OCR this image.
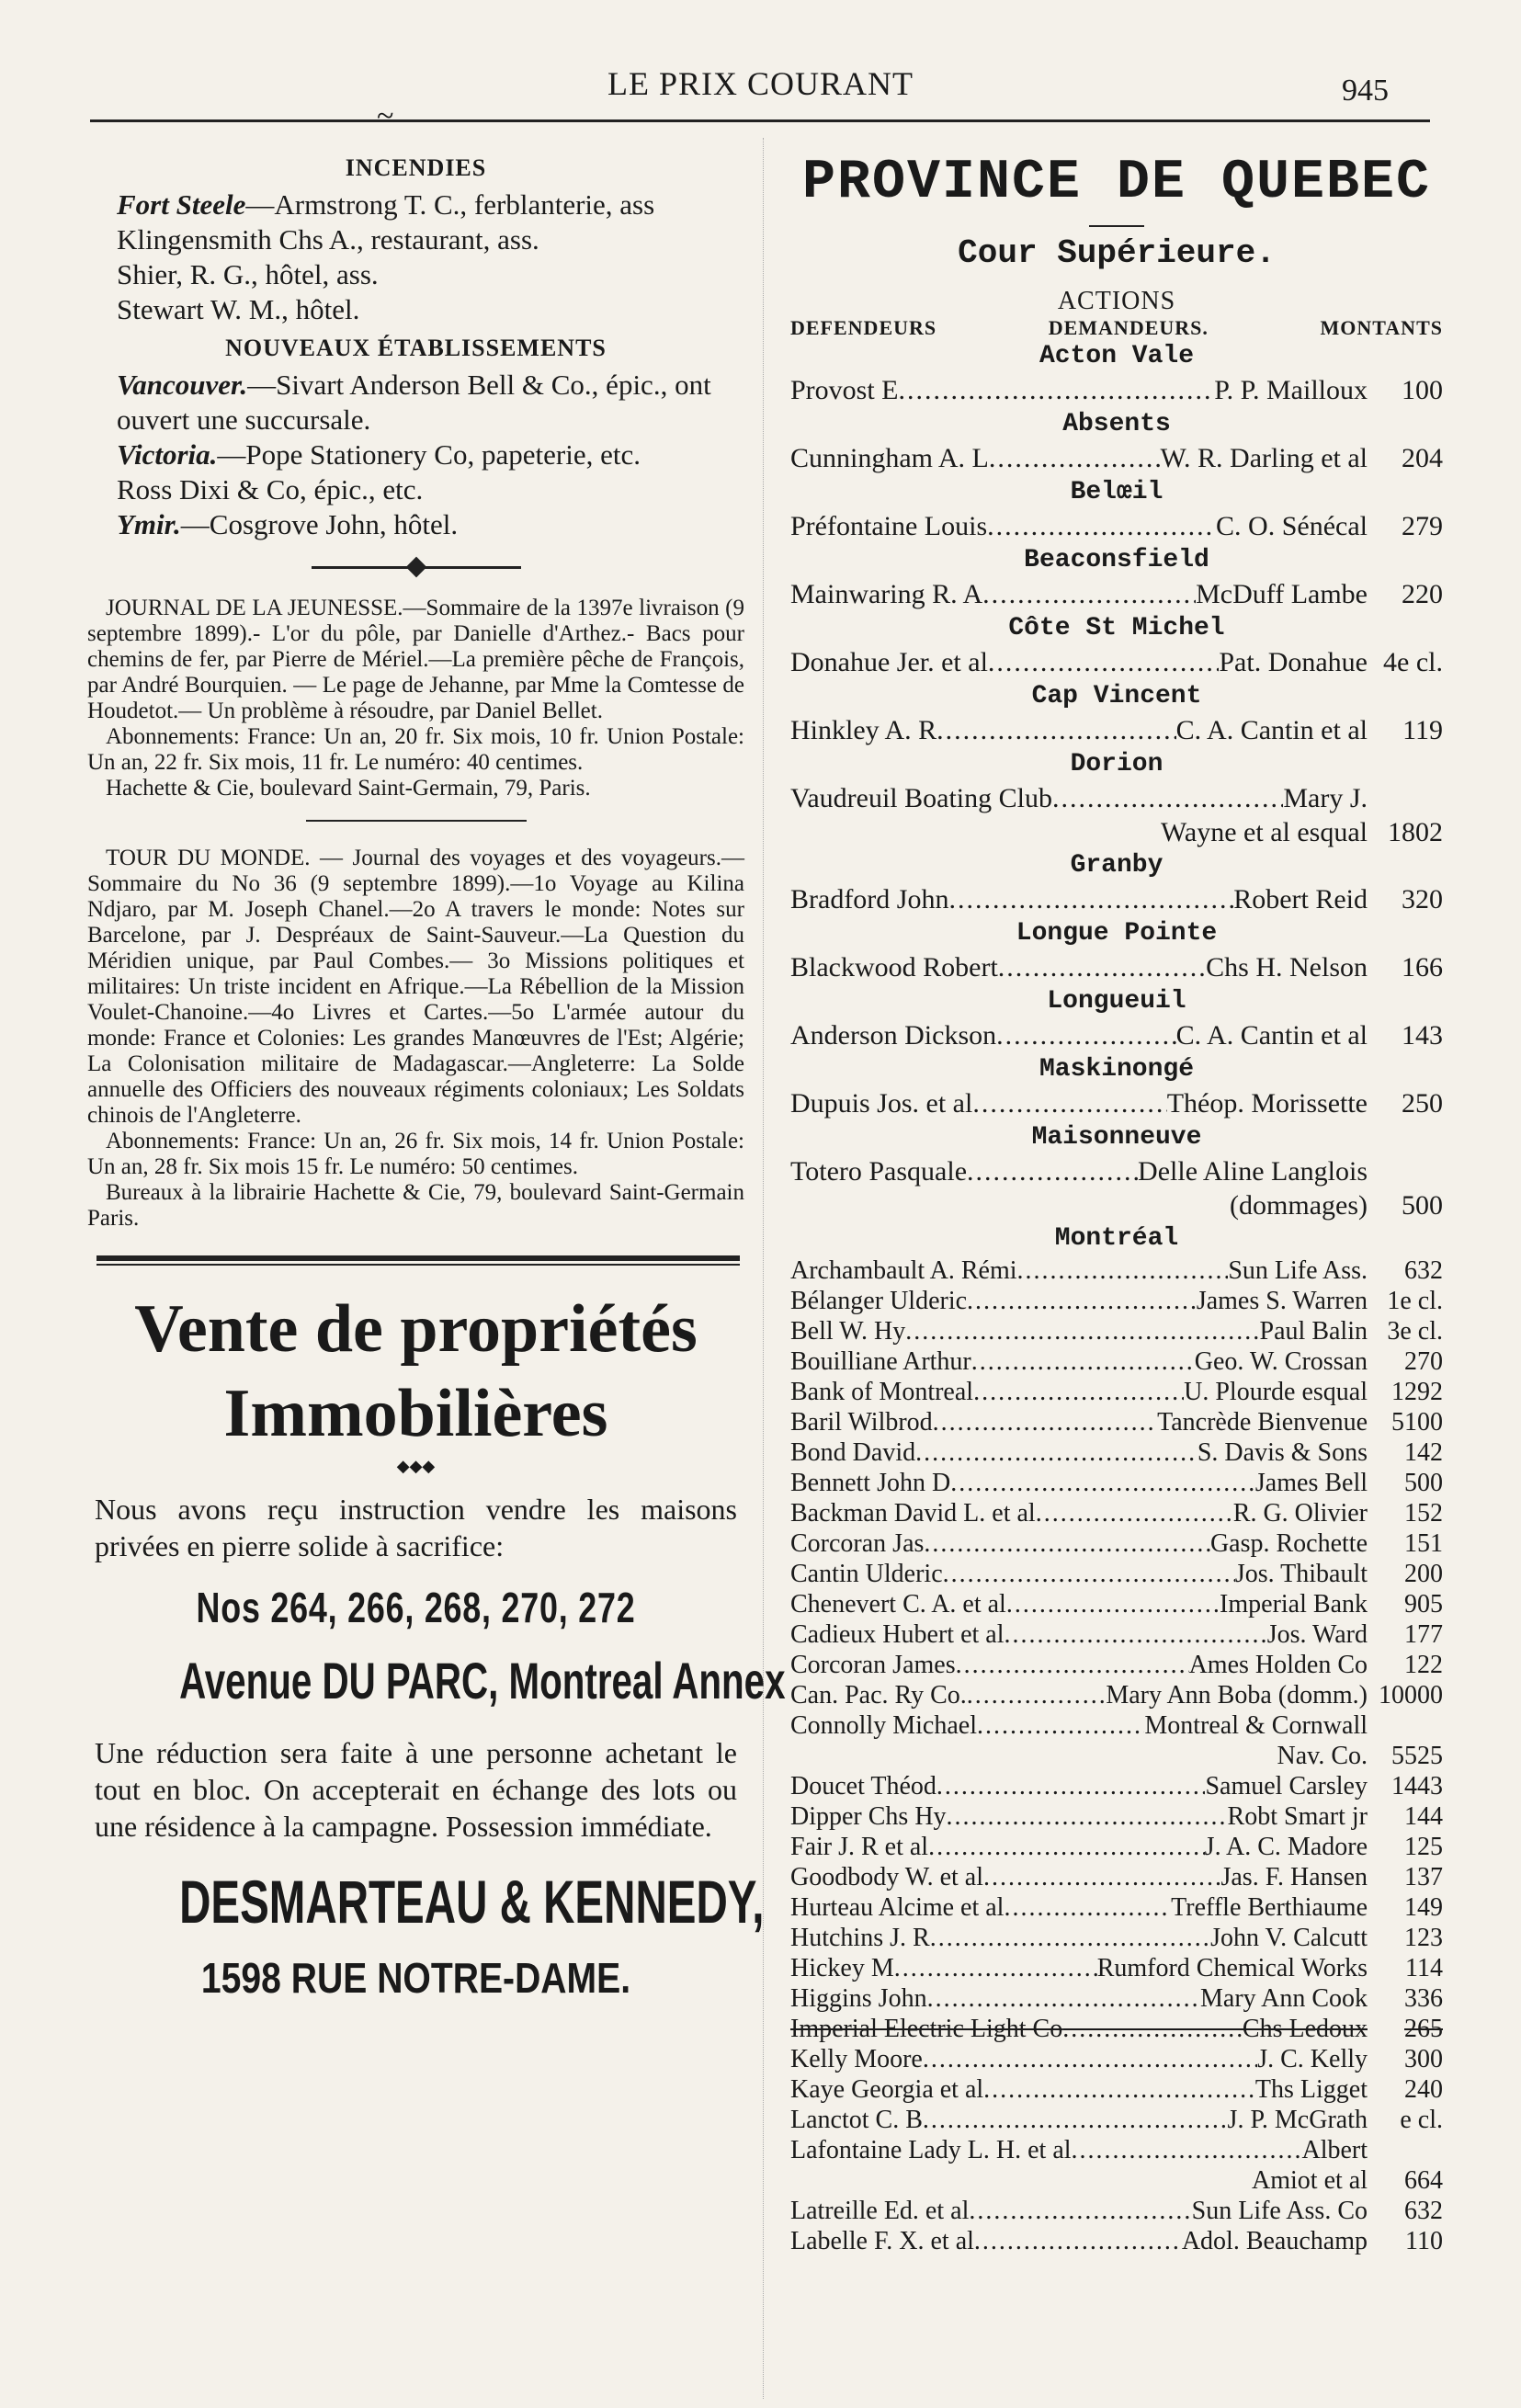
LE PRIX COURANT
~
945
INCENDIES
Fort Steele—Armstrong T. C., ferblanterie, ass
Klingensmith Chs A., restaurant, ass.
Shier, R. G., hôtel, ass.
Stewart W. M., hôtel.
NOUVEAUX ÉTABLISSEMENTS
Vancouver.—Sivart Anderson Bell & Co., épic., ont ouvert une succursale.
Victoria.—Pope Stationery Co, papeterie, etc.
Ross Dixi & Co, épic., etc.
Ymir.—Cosgrove John, hôtel.

JOURNAL DE LA JEUNESSE.—Sommaire de la 1397e livraison (9 septembre 1899).- L'or du pôle, par Danielle d'Arthez.- Bacs pour chemins de fer, par Pierre de Mériel.—La première pêche de François, par André Bourquien. — Le page de Jehanne, par Mme la Comtesse de Houdetot.— Un problème à résoudre, par Daniel Bellet.

Abonnements: France: Un an, 20 fr. Six mois, 10 fr. Union Postale: Un an, 22 fr. Six mois, 11 fr. Le numéro: 40 centimes.

Hachette & Cie, boulevard Saint-Germain, 79, Paris.

TOUR DU MONDE. — Journal des voyages et des voyageurs.—Sommaire du No 36 (9 septembre 1899).—1o Voyage au Kilina Ndjaro, par M. Joseph Chanel.—2o A travers le monde: Notes sur Barcelone, par J. Despréaux de Saint-Sauveur.—La Question du Méridien unique, par Paul Combes.— 3o Missions politiques et militaires: Un triste incident en Afrique.—La Rébellion de la Mission Voulet-Chanoine.—4o Livres et Cartes.—5o L'armée autour du monde: France et Colonies: Les grandes Manœuvres de l'Est; Algérie; La Colonisation militaire de Madagascar.—Angleterre: La Solde annuelle des Officiers des nouveaux régiments coloniaux; Les Soldats chinois de l'Angleterre.

Abonnements: France: Un an, 26 fr. Six mois, 14 fr. Union Postale: Un an, 28 fr. Six mois 15 fr. Le numéro: 50 centimes.

Bureaux à la librairie Hachette & Cie, 79, boulevard Saint-Germain Paris.

Vente de propriétés
Immobilières
◆◆◆
Nous avons reçu instruction vendre les maisons privées en pierre solide à sacrifice:
Nos 264, 266, 268, 270, 272
Avenue DU PARC, Montreal Annex
Une réduction sera faite à une personne achetant le tout en bloc. On accepterait en échange des lots ou une résidence à la campagne. Possession immédiate.
DESMARTEAU & KENNEDY,
1598 RUE NOTRE-DAME.
PROVINCE DE QUEBEC
Cour Supérieure.
ACTIONS
DEFENDEURS	DEMANDEURS.	MONTANTS
Acton Vale
Provost E .....	P. P. Mailloux	100
Absents
Cunningham A. L .....	W. R. Darling et al	204
Belœil
Préfontaine Louis .....	C. O. Sénécal	279
Beaconsfield
Mainwaring R. A .....	McDuff Lambe	220
Côte St Michel
Donahue Jer. et al .....	Pat. Donahue 4e cl.
Cap Vincent
Hinkley A. R .....	C. A. Cantin et al	119
Dorion
Vaudreuil Boating Club .....	Mary J.
Wayne et al esqual 1802
Granby
Bradford John .....	Robert Reid	320
Longue Pointe
Blackwood Robert .....	Chs H. Nelson	166
Longueuil
Anderson Dickson .....	C. A. Cantin et al	143
Maskinongé
Dupuis Jos. et al .....	Théop. Morissette	250
Maisonneuve
Totero Pasquale .....	Delle Aline Langlois
(dommages)	500
Montréal
Archambault A. Rémi .....	Sun Life Ass.	632
Bélanger Ulderic .....	James S. Warren 1e cl.
Bell W. Hy .....	Paul Balin 3e cl.
Bouilliane Arthur .....	Geo. W. Crossan	270
Bank of Montreal .....	U. Plourde esqual 1292
Baril Wilbrod .....	Tancrède Bienvenue 5100
Bond David .....	S. Davis & Sons	142
Bennett John D .....	James Bell	500
Backman David L. et al .....	R. G. Olivier	152
Corcoran Jas .....	Gasp. Rochette	151
Cantin Ulderic .....	Jos. Thibault	200
Chenevert C. A. et al .....	Imperial Bank	905
Cadieux Hubert et al .....	Jos. Ward	177
Corcoran James .....	Ames Holden Co	122
Can. Pac. Ry Co. .....	Mary Ann Boba (domm.) 10000
Connolly Michael .....	Montreal & Cornwall
Nav. Co. 5525
Doucet Théod .....	Samuel Carsley 1443
Dipper Chs Hy .....	Robt Smart jr	144
Fair J. R et al .....	J. A. C. Madore	125
Goodbody W. et al .....	Jas. F. Hansen	137
Hurteau Alcime et al .....	Treffle Berthiaume	149
Hutchins J. R .....	John V. Calcutt	123
Hickey M .....	Rumford Chemical Works	114
Higgins John .....	Mary Ann Cook	336
Imperial Electric Light Co .....	Chs Ledoux	265
Kelly Moore .....	J. C. Kelly	300
Kaye Georgia et al .....	Ths Ligget	240
Lanctot C. B .....	J. P. McGrath	e cl.
Lafontaine Lady L. H. et al .....	Albert
Amiot et al	664
Latreille Ed. et al .....	Sun Life Ass. Co	632
Labelle F. X. et al .....	Adol. Beauchamp	110
